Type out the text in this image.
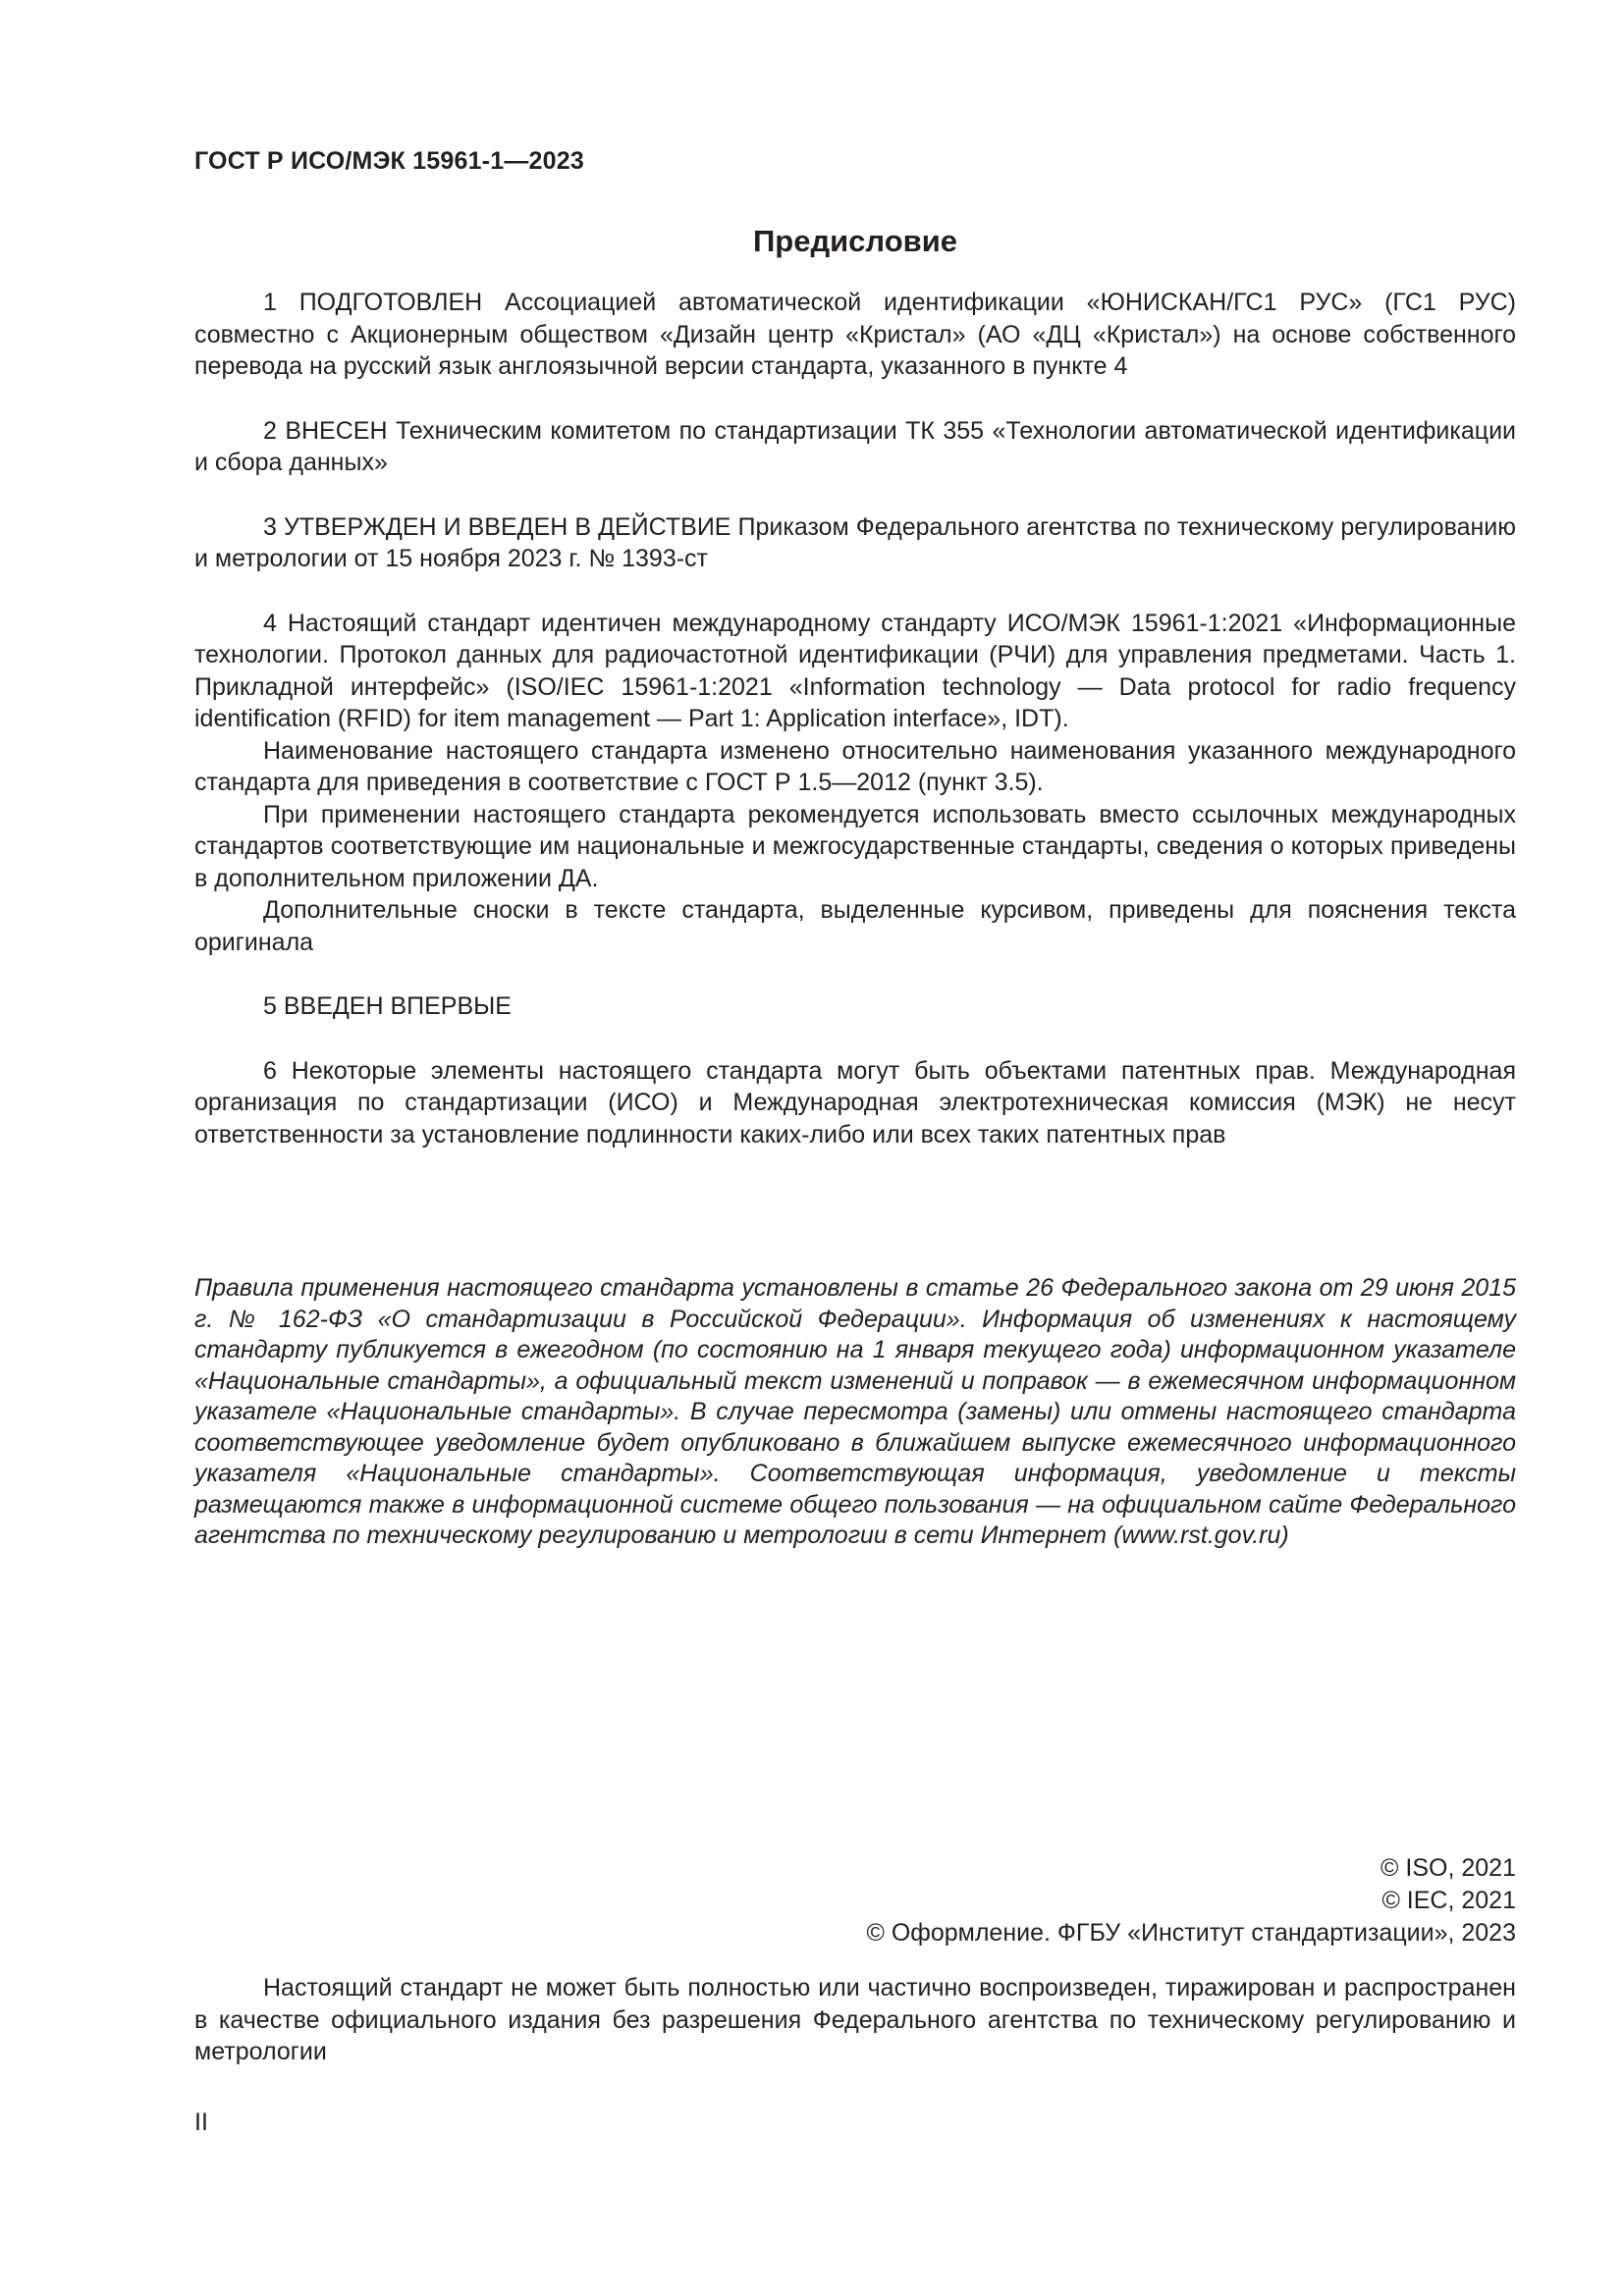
ГОСТ Р ИСО/МЭК 15961-1—2023
Предисловие

1 ПОДГОТОВЛЕН Ассоциацией автоматической идентификации «ЮНИСКАН/ГС1 РУС» (ГС1 РУС) совместно с Акционерным обществом «Дизайн центр «Кристал» (АО «ДЦ «Кристал») на основе собственного перевода на русский язык англоязычной версии стандарта, указанного в пункте 4

2 ВНЕСЕН Техническим комитетом по стандартизации ТК 355 «Технологии автоматической идентификации и сбора данных»

3 УТВЕРЖДЕН И ВВЕДЕН В ДЕЙСТВИЕ Приказом Федерального агентства по техническому регулированию и метрологии от 15 ноября 2023 г. № 1393-ст

4 Настоящий стандарт идентичен международному стандарту ИСО/МЭК 15961-1:2021 «Информационные технологии. Протокол данных для радиочастотной идентификации (РЧИ) для управления предметами. Часть 1. Прикладной интерфейс» (ISO/IEC 15961-1:2021 «Information technology — Data protocol for radio frequency identification (RFID) for item management — Part 1: Application interface», IDT).

Наименование настоящего стандарта изменено относительно наименования указанного международного стандарта для приведения в соответствие с ГОСТ Р 1.5—2012 (пункт 3.5).

При применении настоящего стандарта рекомендуется использовать вместо ссылочных международных стандартов соответствующие им национальные и межгосударственные стандарты, сведения о которых приведены в дополнительном приложении ДА.

Дополнительные сноски в тексте стандарта, выделенные курсивом, приведены для пояснения текста оригинала

5 ВВЕДЕН ВПЕРВЫЕ

6 Некоторые элементы настоящего стандарта могут быть объектами патентных прав. Международная организация по стандартизации (ИСО) и Международная электротехническая комиссия (МЭК) не несут ответственности за установление подлинности каких-либо или всех таких патентных прав

Правила применения настоящего стандарта установлены в статье 26 Федерального закона от 29 июня 2015 г. № 162-ФЗ «О стандартизации в Российской Федерации». Информация об изменениях к настоящему стандарту публикуется в ежегодном (по состоянию на 1 января текущего года) информационном указателе «Национальные стандарты», а официальный текст изменений и поправок — в ежемесячном информационном указателе «Национальные стандарты». В случае пересмотра (замены) или отмены настоящего стандарта соответствующее уведомление будет опубликовано в ближайшем выпуске ежемесячного информационного указателя «Национальные стандарты». Соответствующая информация, уведомление и тексты размещаются также в информационной системе общего пользования — на официальном сайте Федерального агентства по техническому регулированию и метрологии в сети Интернет (www.rst.gov.ru)

© ISO, 2021
© IEC, 2021
© Оформление. ФГБУ «Институт стандартизации», 2023

Настоящий стандарт не может быть полностью или частично воспроизведен, тиражирован и распространен в качестве официального издания без разрешения Федерального агентства по техническому регулированию и метрологии

II
